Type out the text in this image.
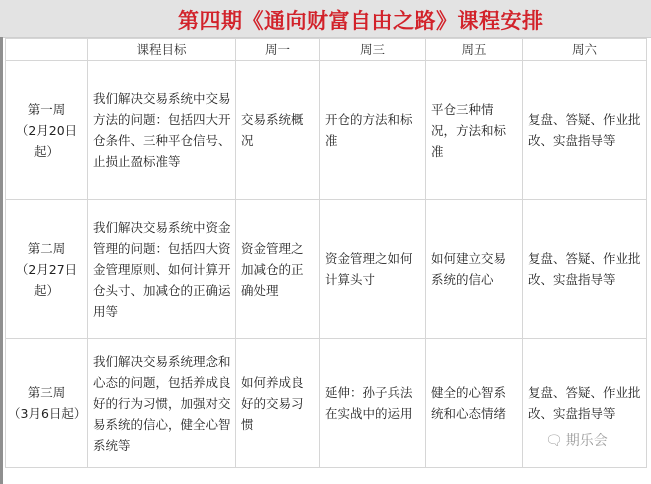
第四期《通向财富自由之路》课程安排
	课程目标	周一	周三	周五	周六

第一周
（2月20日起）	我们解决交易系统中交易方法的问题：包括四大开仓条件、三种平仓信号、止损止盈标准等	交易系统概况	开仓的方法和标准	平仓三种情况，方法和标准	复盘、答疑、作业批改、实盘指导等

第二周
（2月27日起）	我们解决交易系统中资金管理的问题：包括四大资金管理原则、如何计算开仓头寸、加减仓的正确运用等	资金管理之加减仓的正确处理	资金管理之如何计算头寸	如何建立交易系统的信心	复盘、答疑、作业批改、实盘指导等

第三周
（3月6日起）	我们解决交易系统理念和心态的问题，包括养成良好的行为习惯，加强对交易系统的信心，健全心智系统等	如何养成良好的交易习惯	延伸：孙子兵法在实战中的运用	健全的心智系统和心态情绪	复盘、答疑、作业批改、实盘指导等
🗨 期乐会
